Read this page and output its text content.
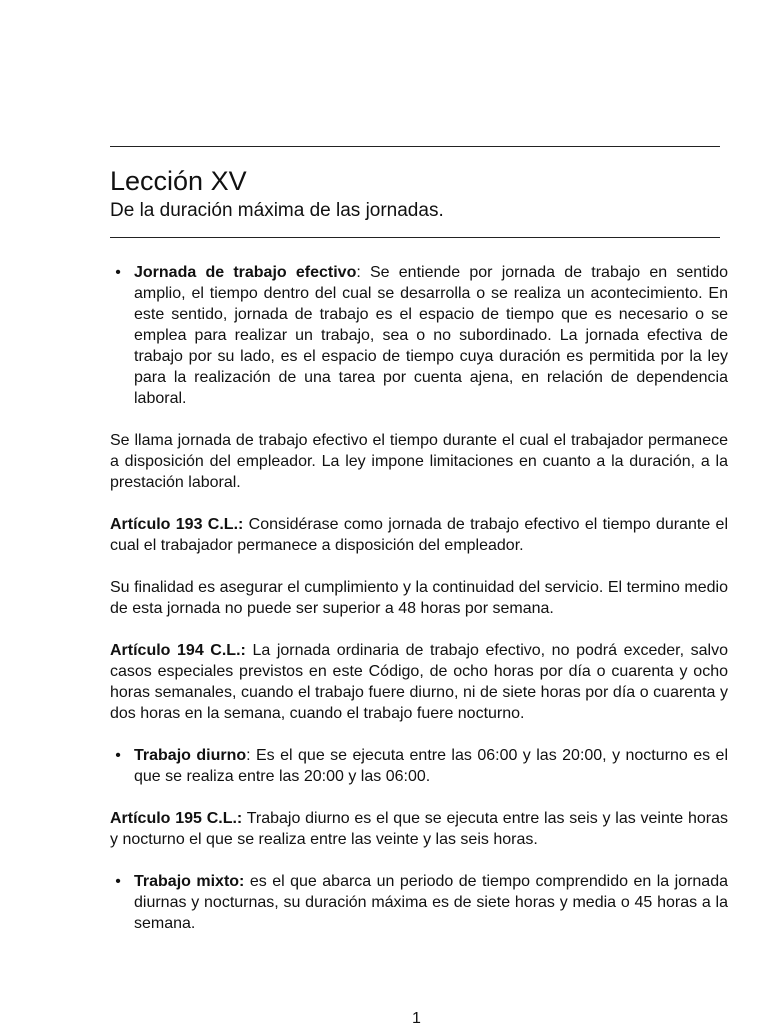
Lección XV
De la duración máxima de las jornadas.
• Jornada de trabajo efectivo: Se entiende por jornada de trabajo en sentido amplio, el tiempo dentro del cual se desarrolla o se realiza un acontecimiento. En este sentido, jornada de trabajo es el espacio de tiempo que es necesario o se emplea para realizar un trabajo, sea o no subordinado. La jornada efectiva de trabajo por su lado, es el espacio de tiempo cuya duración es permitida por la ley para la realización de una tarea por cuenta ajena, en relación de dependencia laboral.

Se llama jornada de trabajo efectivo el tiempo durante el cual el trabajador permanece a disposición del empleador. La ley impone limitaciones en cuanto a la duración, a la prestación laboral.

Artículo 193 C.L.: Considérase como jornada de trabajo efectivo el tiempo durante el cual el trabajador permanece a disposición del empleador.

Su finalidad es asegurar el cumplimiento y la continuidad del servicio. El termino medio de esta jornada no puede ser superior a 48 horas por semana.

Artículo 194 C.L.: La jornada ordinaria de trabajo efectivo, no podrá exceder, salvo casos especiales previstos en este Código, de ocho horas por día o cuarenta y ocho horas semanales, cuando el trabajo fuere diurno, ni de siete horas por día o cuarenta y dos horas en la semana, cuando el trabajo fuere nocturno.

• Trabajo diurno: Es el que se ejecuta entre las 06:00 y las 20:00, y nocturno es el que se realiza entre las 20:00 y las 06:00.

Artículo 195 C.L.: Trabajo diurno es el que se ejecuta entre las seis y las veinte horas y nocturno el que se realiza entre las veinte y las seis horas.

• Trabajo mixto: es el que abarca un periodo de tiempo comprendido en la jornada diurnas y nocturnas, su duración máxima es de siete horas y media o 45 horas a la semana.
1
